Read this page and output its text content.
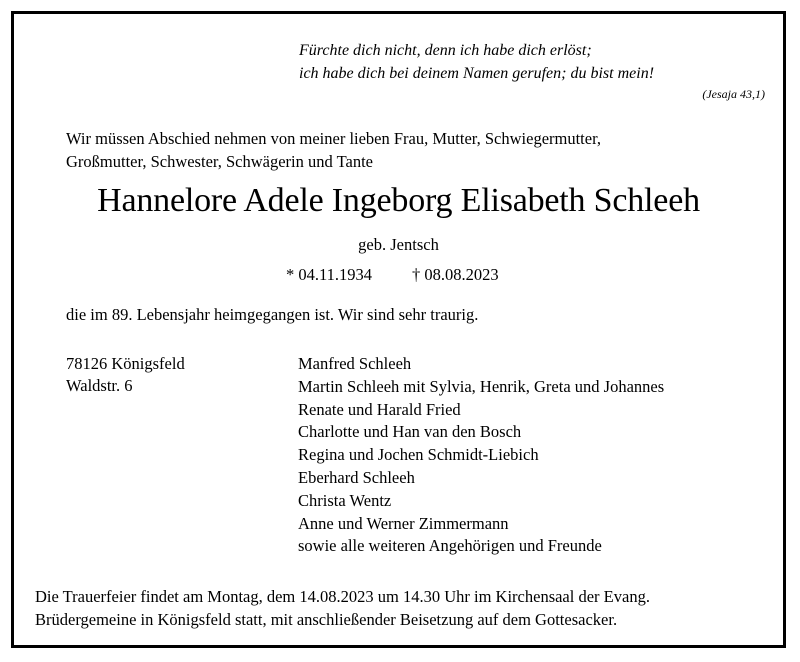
Fürchte dich nicht, denn ich habe dich erlöst;
ich habe dich bei deinem Namen gerufen; du bist mein!
(Jesaja 43,1)
Wir müssen Abschied nehmen von meiner lieben Frau, Mutter, Schwiegermutter,
Großmutter, Schwester, Schwägerin und Tante
Hannelore Adele Ingeborg Elisabeth Schleeh
geb. Jentsch
* 04.11.1934 † 08.08.2023
die im 89. Lebensjahr heimgegangen ist. Wir sind sehr traurig.
78126 Königsfeld
Waldstr. 6
Manfred Schleeh
Martin Schleeh mit Sylvia, Henrik, Greta und Johannes
Renate und Harald Fried
Charlotte und Han van den Bosch
Regina und Jochen Schmidt-Liebich
Eberhard Schleeh
Christa Wentz
Anne und Werner Zimmermann
sowie alle weiteren Angehörigen und Freunde
Die Trauerfeier findet am Montag, dem 14.08.2023 um 14.30 Uhr im Kirchensaal der Evang.
Brüdergemeine in Königsfeld statt, mit anschließender Beisetzung auf dem Gottesacker.
